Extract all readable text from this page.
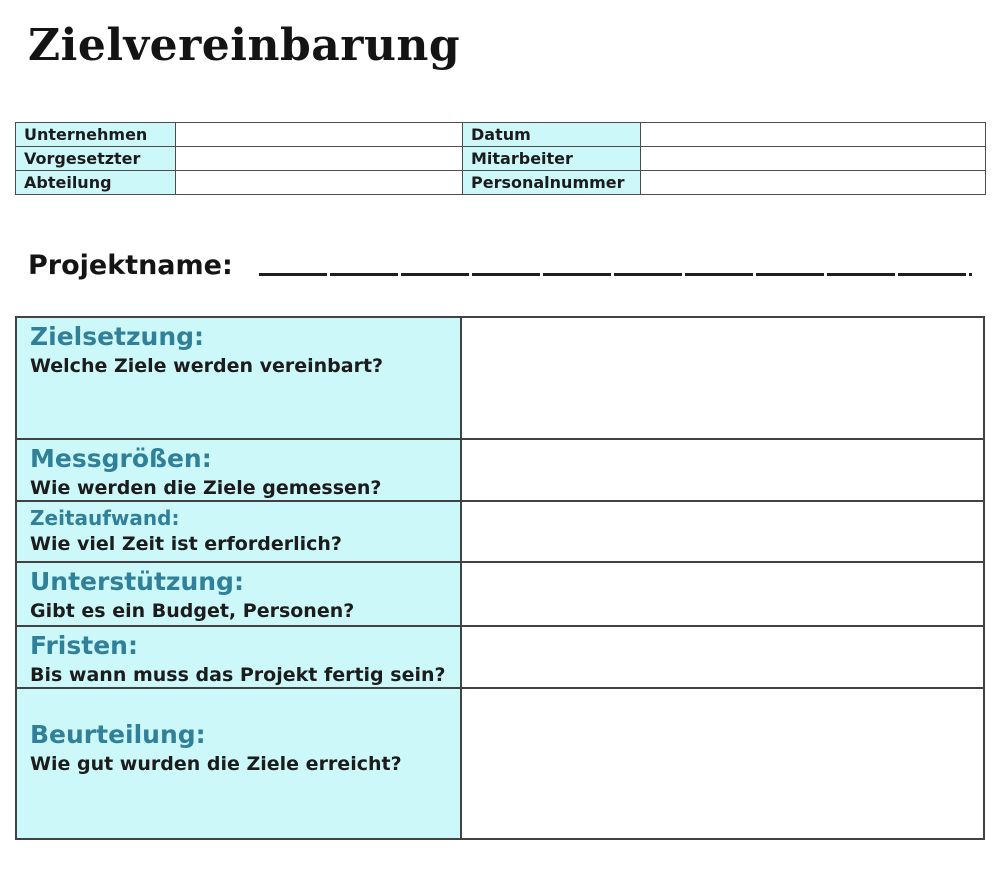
Zielvereinbarung
Unternehmen		Datum	
Vorgesetzter		Mitarbeiter	
Abteilung		Personalnummer	
Projektname:
Zielsetzung:
Welche Ziele werden vereinbart?
Messgrößen:
Wie werden die Ziele gemessen?
Zeitaufwand:
Wie viel Zeit ist erforderlich?
Unterstützung:
Gibt es ein Budget, Personen?
Fristen:
Bis wann muss das Projekt fertig sein?
Beurteilung:
Wie gut wurden die Ziele erreicht?
